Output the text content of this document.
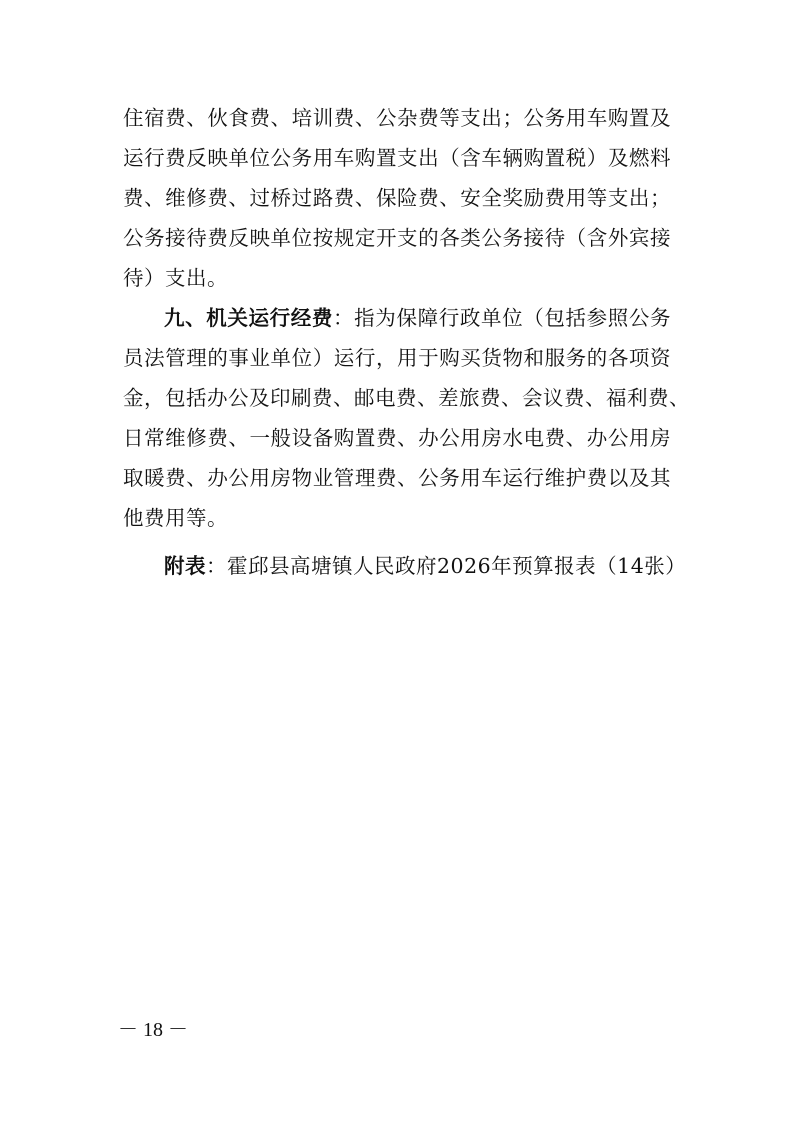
住宿费、伙食费、培训费、公杂费等支出；公务用车购置及
运行费反映单位公务用车购置支出（含车辆购置税）及燃料
费、维修费、过桥过路费、保险费、安全奖励费用等支出；
公务接待费反映单位按规定开支的各类公务接待（含外宾接
待）支出。
九、机关运行经费：指为保障行政单位（包括参照公务
员法管理的事业单位）运行，用于购买货物和服务的各项资
金，包括办公及印刷费、邮电费、差旅费、会议费、福利费、
日常维修费、一般设备购置费、办公用房水电费、办公用房
取暖费、办公用房物业管理费、公务用车运行维护费以及其
他费用等。
附表：霍邱县高塘镇人民政府2026年预算报表（14张）
－ 18 －
